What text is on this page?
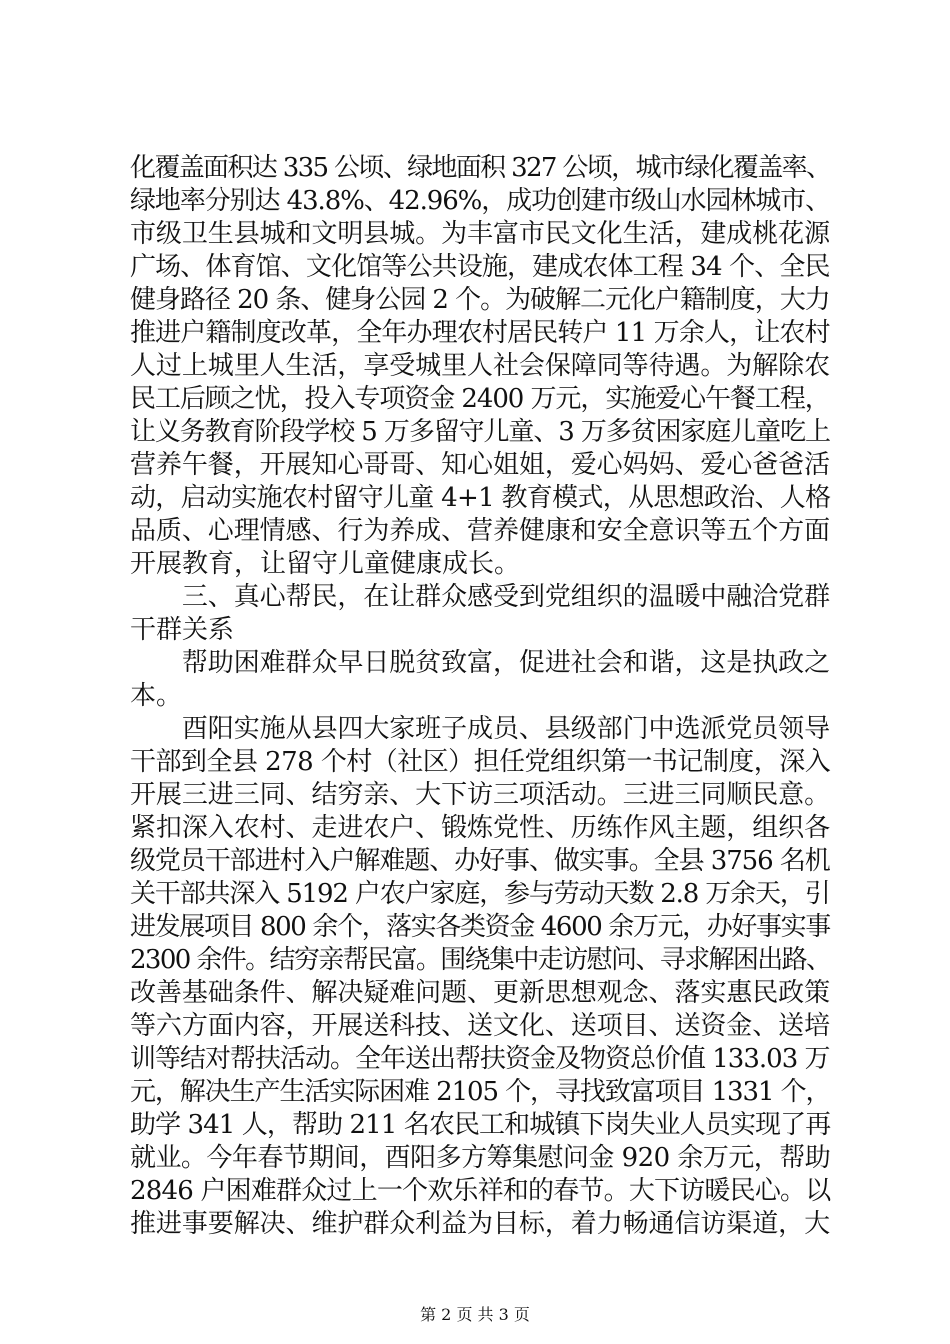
化覆盖面积达 335 公顷、绿地面积 327 公顷，城市绿化覆盖率、
绿地率分别达 43.8%、42.96%，成功创建市级山水园林城市、
市级卫生县城和文明县城。为丰富市民文化生活，建成桃花源
广场、体育馆、文化馆等公共设施，建成农体工程 34 个、全民
健身路径 20 条、健身公园 2 个。为破解二元化户籍制度，大力
推进户籍制度改革，全年办理农村居民转户 11 万余人，让农村
人过上城里人生活，享受城里人社会保障同等待遇。为解除农
民工后顾之忧，投入专项资金 2400 万元，实施爱心午餐工程，
让义务教育阶段学校 5 万多留守儿童、3 万多贫困家庭儿童吃上
营养午餐，开展知心哥哥、知心姐姐，爱心妈妈、爱心爸爸活
动，启动实施农村留守儿童 4+1 教育模式，从思想政治、人格
品质、心理情感、行为养成、营养健康和安全意识等五个方面
开展教育，让留守儿童健康成长。
　　三、真心帮民，在让群众感受到党组织的温暖中融洽党群
干群关系
　　帮助困难群众早日脱贫致富，促进社会和谐，这是执政之
本。
　　酉阳实施从县四大家班子成员、县级部门中选派党员领导
干部到全县 278 个村（社区）担任党组织第一书记制度，深入
开展三进三同、结穷亲、大下访三项活动。三进三同顺民意。
紧扣深入农村、走进农户、锻炼党性、历练作风主题，组织各
级党员干部进村入户解难题、办好事、做实事。全县 3756 名机
关干部共深入 5192 户农户家庭，参与劳动天数 2.8 万余天，引
进发展项目 800 余个，落实各类资金 4600 余万元，办好事实事
2300 余件。结穷亲帮民富。围绕集中走访慰问、寻求解困出路、
改善基础条件、解决疑难问题、更新思想观念、落实惠民政策
等六方面内容，开展送科技、送文化、送项目、送资金、送培
训等结对帮扶活动。全年送出帮扶资金及物资总价值 133.03 万
元，解决生产生活实际困难 2105 个，寻找致富项目 1331 个，
助学 341 人，帮助 211 名农民工和城镇下岗失业人员实现了再
就业。今年春节期间，酉阳多方筹集慰问金 920 余万元，帮助
2846 户困难群众过上一个欢乐祥和的春节。大下访暖民心。以
推进事要解决、维护群众利益为目标，着力畅通信访渠道，大
第 2 页 共 3 页
